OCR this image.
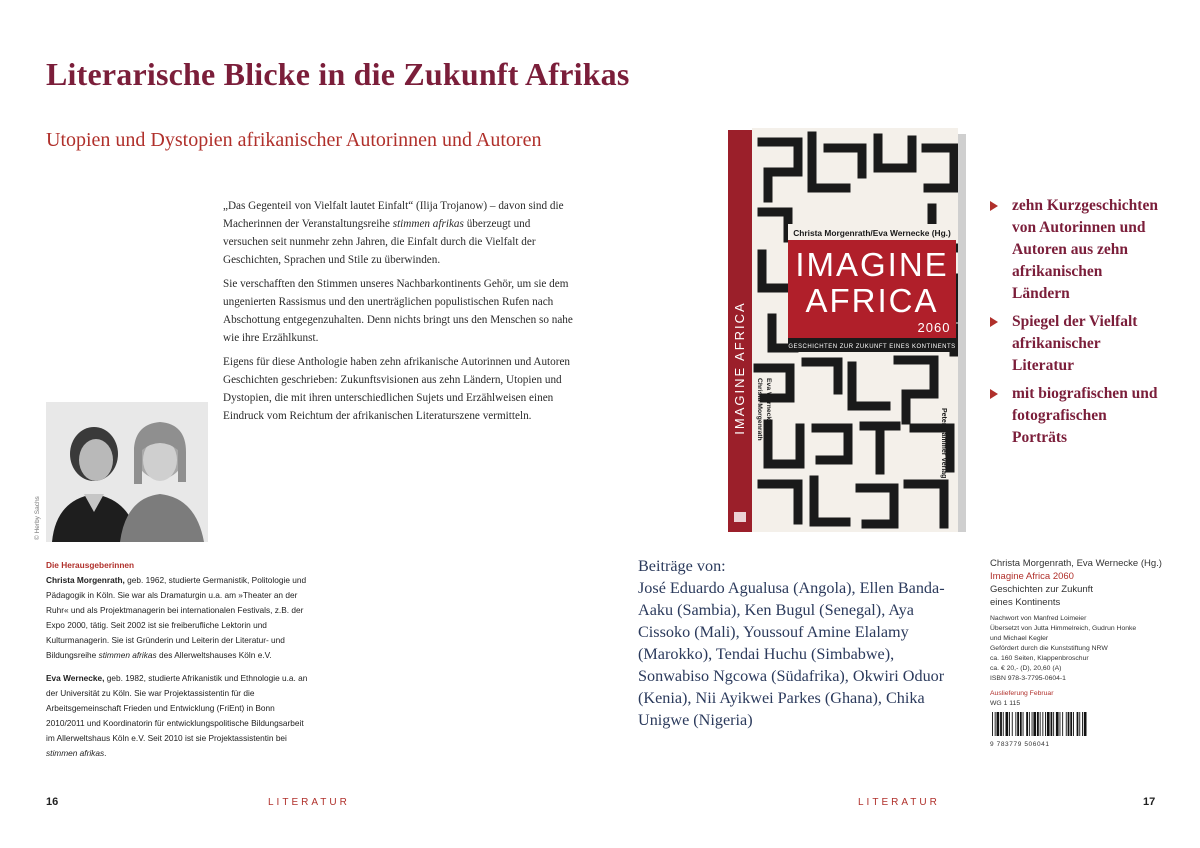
Literarische Blicke in die Zukunft Afrikas
Utopien und Dystopien afrikanischer Autorinnen und Autoren

„Das Gegenteil von Vielfalt lautet Einfalt“ (Ilija Trojanow) – davon sind die Macherinnen der Veranstaltungsreihe stimmen afrikas überzeugt und versuchen seit nunmehr zehn Jahren, die Einfalt durch die Vielfalt der Geschichten, Sprachen und Stile zu überwinden.

Sie verschafften den Stimmen unseres Nachbarkontinents Gehör, um sie dem ungenierten Rassismus und den unerträglichen populistischen Rufen nach Abschottung entgegenzuhalten. Denn nichts bringt uns den Menschen so nahe wie ihre Erzählkunst.

Eigens für diese Anthologie haben zehn afrikanische Autorinnen und Autoren Geschichten geschrieben: Zukunftsvisionen aus zehn Ländern, Utopien und Dystopien, die mit ihren unterschiedlichen Sujets und Erzählweisen einen Eindruck vom Reichtum der afrikanischen Literaturszene vermitteln.

© Herby Sachs

Die Herausgeberinnen
Christa Morgenrath, geb. 1962, studierte Germanistik, Politologie und Pädagogik in Köln. Sie war als Dramaturgin u.a. am »Theater an der Ruhr« und als Projektmanagerin bei internationalen Festivals, z.B. der Expo 2000, tätig. Seit 2002 ist sie freiberufliche Lektorin und Kulturmanagerin. Sie ist Gründerin und Leiterin der Literatur- und Bildungsreihe stimmen afrikas des Allerweltshauses Köln e.V.

Eva Wernecke, geb. 1982, studierte Afrikanistik und Ethnologie u.a. an der Universität zu Köln. Sie war Projektassistentin für die Arbeitsgemeinschaft Frieden und Entwicklung (FriEnt) in Bonn 2010/2011 und Koordinatorin für entwicklungspolitische Bildungsarbeit im Allerweltshaus Köln e.V. Seit 2010 ist sie Projektassistentin bei stimmen afrikas.

16	LITERATUR
Christa Morgenrath/Eva Wernecke (Hg.)
IMAGINE
AFRICA
2060
GESCHICHTEN ZUR ZUKUNFT EINES KONTINENTS
IMAGINE AFRICA
Peter Hammer Verlag
Christa Morgenrath Eva Wernecke (Hg.)
zehn Kurzgeschichten von Autorinnen und Autoren aus zehn afrikanischen Ländern
Spiegel der Vielfalt afrikanischer Literatur
mit biografischen und fotografischen Porträts
Beiträge von:
José Eduardo Agualusa (Angola), Ellen Banda-Aaku (Sambia), Ken Bugul (Senegal), Aya Cissoko (Mali), Youssouf Amine Elalamy (Marokko), Tendai Huchu (Simbabwe), Sonwabiso Ngcowa (Südafrika), Okwiri Oduor (Kenia), Nii Ayikwei Parkes (Ghana), Chika Unigwe (Nigeria)
Christa Morgenrath, Eva Wernecke (Hg.)
Imagine Africa 2060
Geschichten zur Zukunft
eines Kontinents
Nachwort von Manfred Loimeier
Übersetzt von Jutta Himmelreich, Gudrun Honke
und Michael Kegler
Gefördert durch die Kunststiftung NRW
ca. 160 Seiten, Klappenbroschur
ca. € 20,- (D), 20,60 (A)
ISBN 978-3-7795-0604-1
Auslieferung Februar
WG 1 115
9 783779 506041
LITERATUR	17
